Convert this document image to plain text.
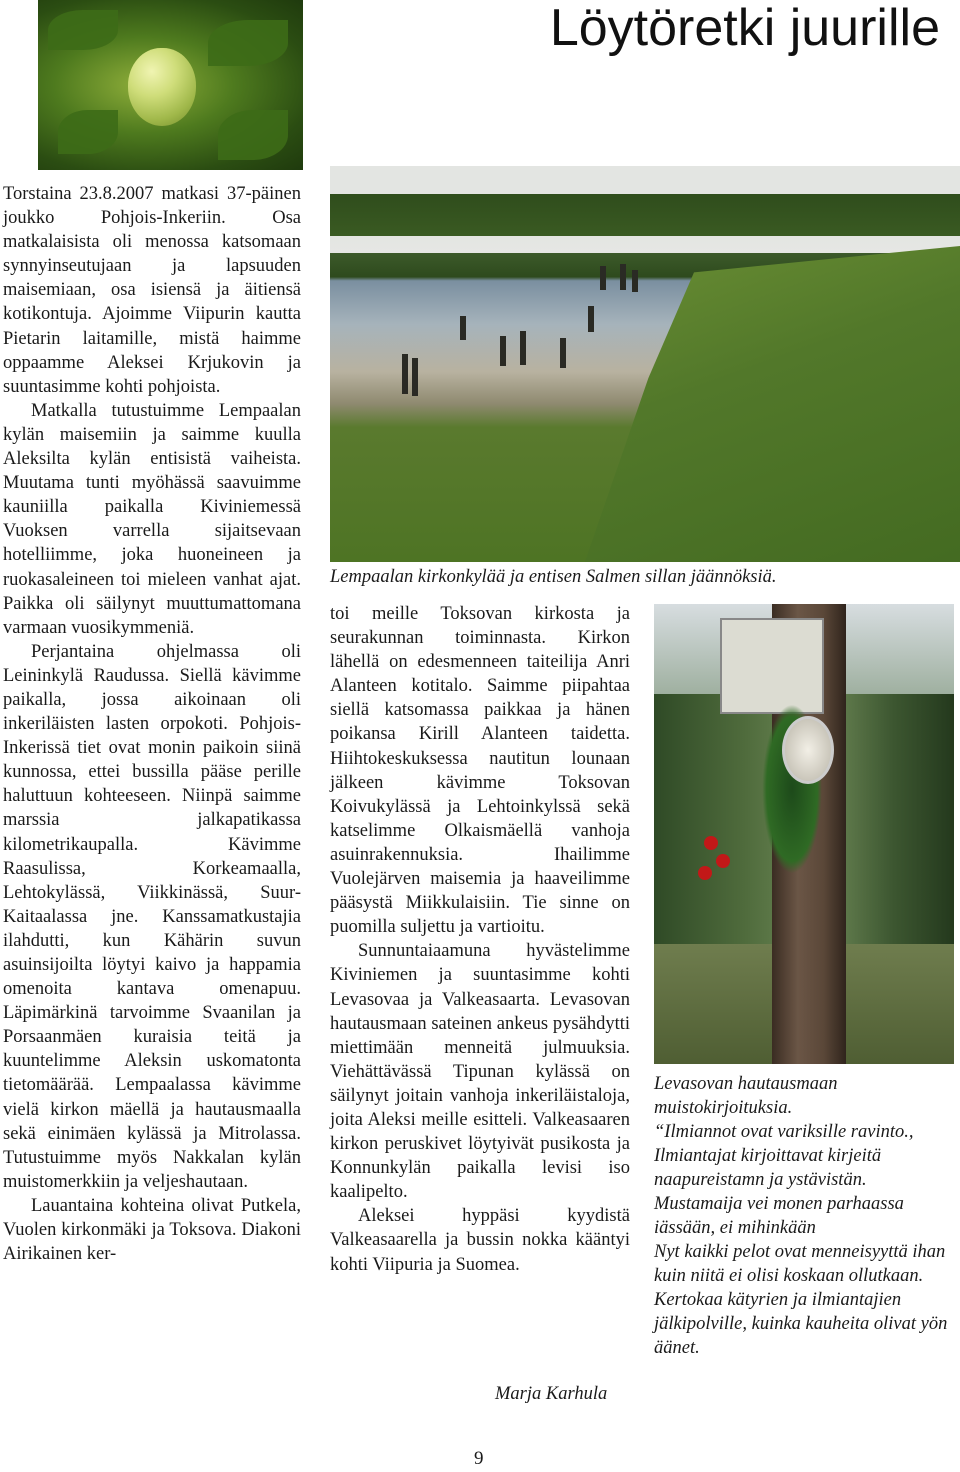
Löytöretki juurille
Lempaalan kirkonkylää ja entisen Salmen sillan jäännöksiä.

Torstaina 23.8.2007 matkasi 37-päinen joukko Pohjois-Inkeriin. Osa matkalaisista oli menossa katsomaan synnyinseutujaan ja lapsuuden maisemiaan, osa isiensä ja äitiensä kotikontuja. Ajoimme Viipurin kautta Pietarin laitamille, mistä haimme oppaamme Aleksei Krjukovin ja suuntasimme kohti pohjoista.

Matkalla tutustuimme Lempaalan kylän maisemiin ja saimme kuulla Aleksilta kylän entisistä vaiheista. Muutama tunti myöhässä saavuimme kauniilla paikalla Kiviniemessä Vuoksen varrella sijaitsevaan hotelliimme, joka huoneineen ja ruokasaleineen toi mieleen vanhat ajat. Paikka oli säilynyt muuttumattomana varmaan vuosikymmeniä.

Perjantaina ohjelmassa oli Leininkylä Raudussa. Siellä kävimme paikalla, jossa aikoinaan oli inkeriläisten lasten orpokoti. Pohjois-Inkerissä tiet ovat monin paikoin siinä kunnossa, ettei bussilla pääse perille haluttuun kohteeseen. Niinpä saimme marssia jalkapatikassa kilometrikaupalla. Kävimme Raasulissa, Korkeamaalla, Lehtokylässä, Viikkinässä, Suur-Kaitaalassa jne. Kanssamatkustajia ilahdutti, kun Kähärin suvun asuinsijoilta löytyi kaivo ja happamia omenoita kantava omenapuu. Läpimärkinä tarvoimme Svaanilan ja Porsaanmäen kuraisia teitä ja kuuntelimme Aleksin uskomatonta tietomäärää. Lempaalassa kävimme vielä kirkon mäellä ja hautausmaalla sekä einimäen kylässä ja Mitrolassa. Tutustuimme myös Nakkalan kylän muistomerkkiin ja veljeshautaan.

Lauantaina kohteina olivat Putkela, Vuolen kirkonmäki ja Toksova. Diakoni Airikainen ker-

toi meille Toksovan kirkosta ja seurakunnan toiminnasta. Kirkon lähellä on edesmenneen taiteilija Anri Alanteen kotitalo. Saimme piipahtaa siellä katsomassa paikkaa ja hänen poikansa Kirill Alanteen taidetta. Hiihtokeskuksessa nautitun lounaan jälkeen kävimme Toksovan Koivukylässä ja Lehtoinkylssä sekä katselimme Olkaismäellä vanhoja asuinrakennuksia. Ihailimme Vuolejärven maisemia ja haaveilimme pääsystä Miikkulaisiin. Tie sinne on puomilla suljettu ja vartioitu.

Sunnuntaiaamuna hyvästelimme Kiviniemen ja suuntasimme kohti Levasovaa ja Valkeasaarta. Levasovan hautausmaan sateinen ankeus pysähdytti miettimään menneitä julmuuksia. Viehättävässä Tipunan kylässä on säilynyt joitain vanhoja inkeriläistaloja, joita Aleksi meille esitteli. Valkeasaaren kirkon peruskivet löytyivät pusikosta ja Konnunkylän paikalla levisi iso kaalipelto.

Aleksei hyppäsi kyydistä Valkeasaarella ja bussin nokka kääntyi kohti Viipuria ja Suomea.

Levasovan hautausmaan muistokirjoituksia.
“Ilmiannot ovat variksille ravinto.,
Ilmiantajat kirjoittavat kirjeitä naapureistamn ja ystävistän.
Mustamaija vei monen parhaassa iässään, ei mihinkään
Nyt kaikki pelot ovat menneisyyttä ihan kuin niitä ei olisi koskaan ollutkaan.
Kertokaa kätyrien ja ilmiantajien jälkipolville, kuinka kauheita olivat yön äänet.
Marja Karhula
9
